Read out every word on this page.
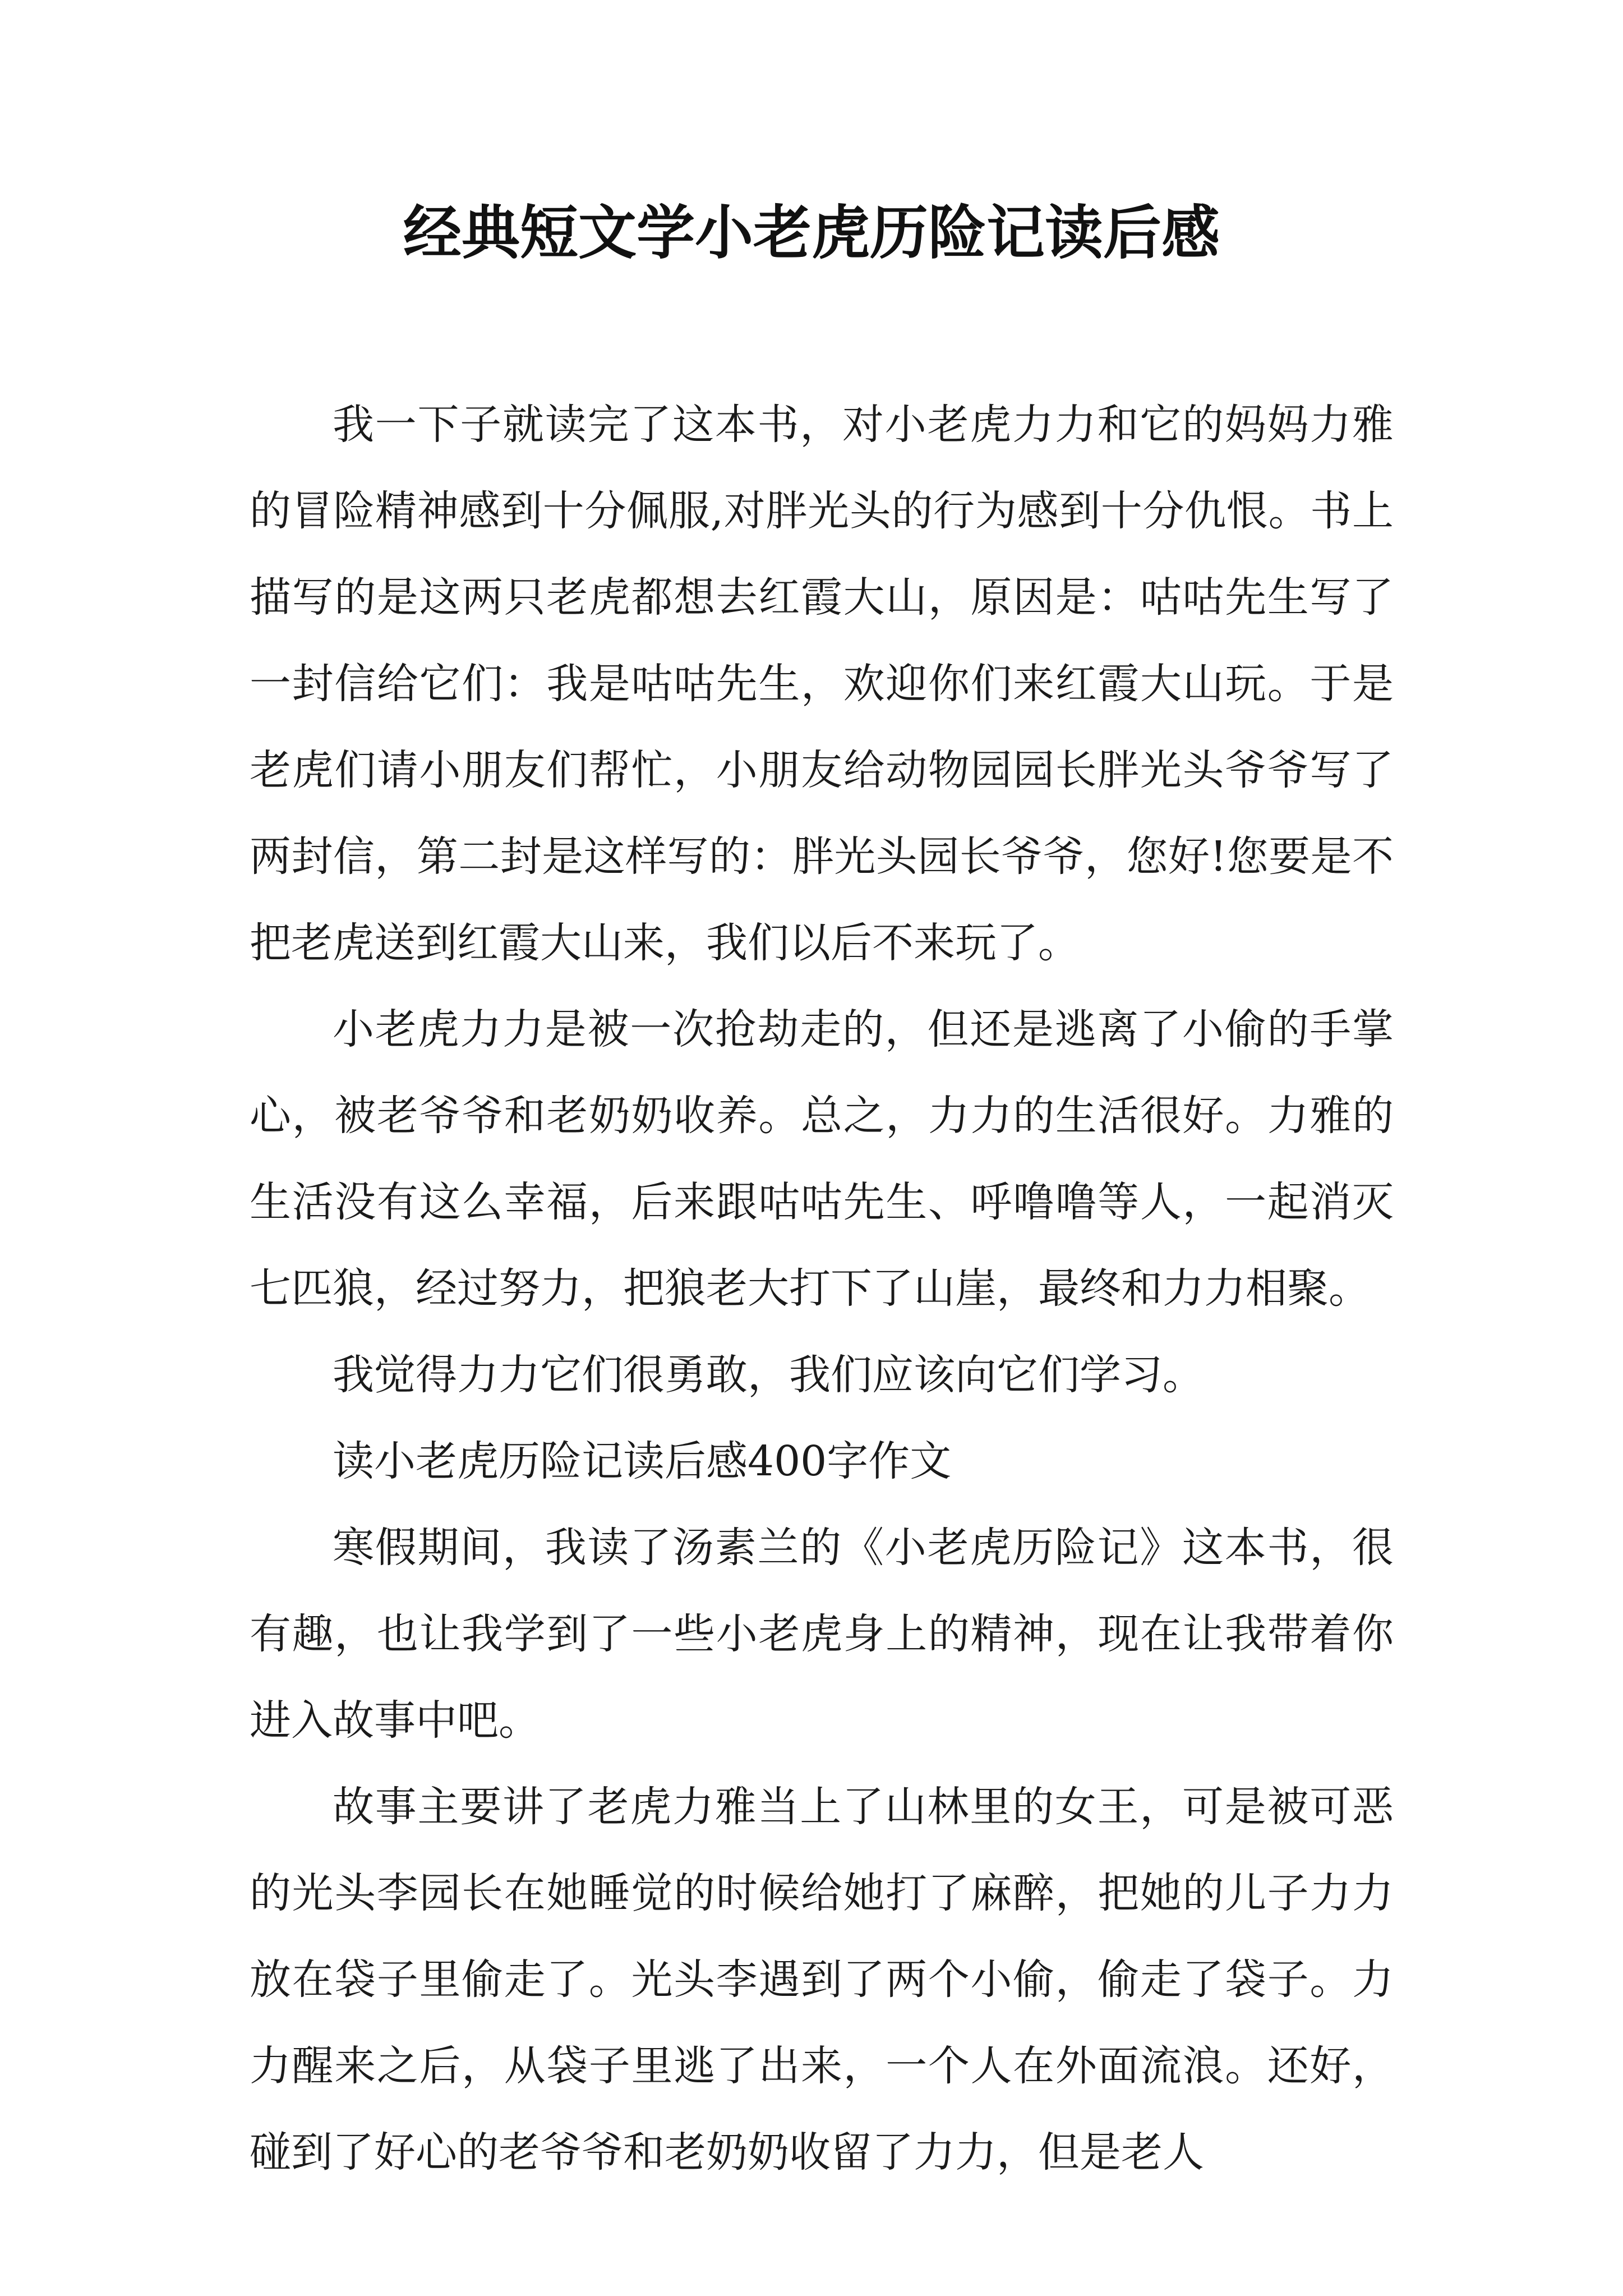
经典短文学小老虎历险记读后感

我一下子就读完了这本书，对小老虎力力和它的妈妈力雅的冒险精神感到十分佩服,对胖光头的行为感到十分仇恨。书上描写的是这两只老虎都想去红霞大山，原因是：咕咕先生写了一封信给它们：我是咕咕先生，欢迎你们来红霞大山玩。于是老虎们请小朋友们帮忙，小朋友给动物园园长胖光头爷爷写了两封信，第二封是这样写的：胖光头园长爷爷，您好!您要是不把老虎送到红霞大山来，我们以后不来玩了。

小老虎力力是被一次抢劫走的，但还是逃离了小偷的手掌心，被老爷爷和老奶奶收养。总之，力力的生活很好。力雅的生活没有这么幸福，后来跟咕咕先生、呼噜噜等人，一起消灭七匹狼，经过努力，把狼老大打下了山崖，最终和力力相聚。

我觉得力力它们很勇敢，我们应该向它们学习。

读小老虎历险记读后感400字作文

寒假期间，我读了汤素兰的《小老虎历险记》这本书，很有趣，也让我学到了一些小老虎身上的精神，现在让我带着你进入故事中吧。

故事主要讲了老虎力雅当上了山林里的女王，可是被可恶的光头李园长在她睡觉的时候给她打了麻醉，把她的儿子力力放在袋子里偷走了。光头李遇到了两个小偷，偷走了袋子。力力醒来之后，从袋子里逃了出来，一个人在外面流浪。还好，碰到了好心的老爷爷和老奶奶收留了力力，但是老人
